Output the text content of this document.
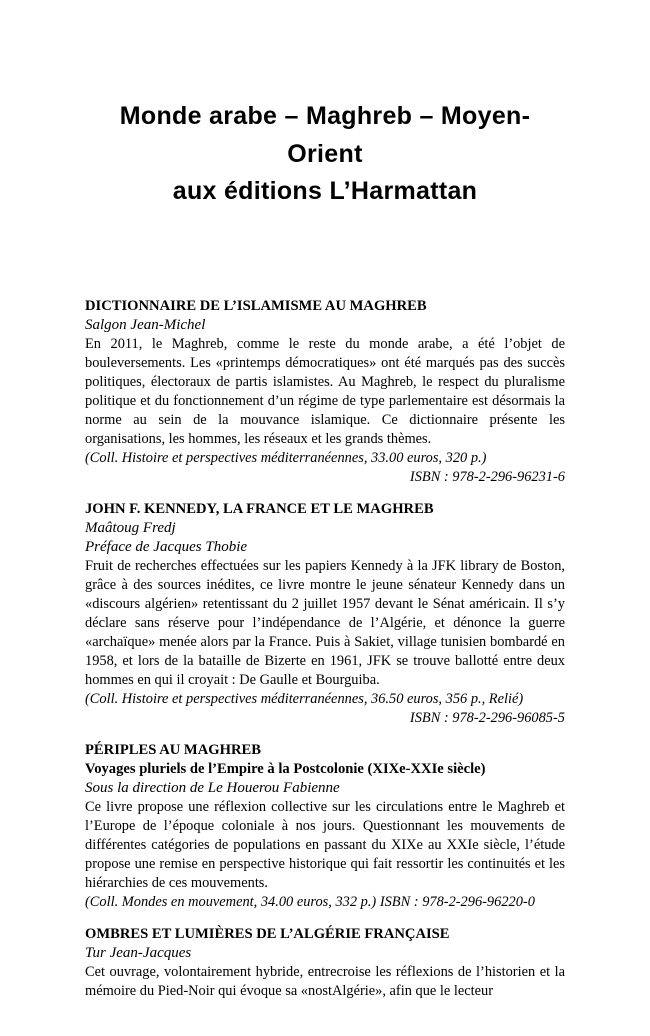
Monde arabe – Maghreb – Moyen-Orient
aux éditions L’Harmattan
DICTIONNAIRE DE L’ISLAMISME AU MAGHREB
Salgon Jean-Michel

En 2011, le Maghreb, comme le reste du monde arabe, a été l’objet de bouleversements. Les «printemps démocratiques» ont été marqués pas des succès politiques, électoraux de partis islamistes. Au Maghreb, le respect du pluralisme politique et du fonctionnement d’un régime de type parlementaire est désormais la norme au sein de la mouvance islamique. Ce dictionnaire présente les organisations, les hommes, les réseaux et les grands thèmes.

(Coll. Histoire et perspectives méditerranéennes, 33.00 euros, 320 p.)
ISBN : 978-2-296-96231-6
JOHN F. KENNEDY, LA FRANCE ET LE MAGHREB
Maâtoug Fredj
Préface de Jacques Thobie

Fruit de recherches effectuées sur les papiers Kennedy à la JFK library de Boston, grâce à des sources inédites, ce livre montre le jeune sénateur Kennedy dans un «discours algérien» retentissant du 2 juillet 1957 devant le Sénat américain. Il s’y déclare sans réserve pour l’indépendance de l’Algérie, et dénonce la guerre «archaïque» menée alors par la France. Puis à Sakiet, village tunisien bombardé en 1958, et lors de la bataille de Bizerte en 1961, JFK se trouve ballotté entre deux hommes en qui il croyait : De Gaulle et Bourguiba.

(Coll. Histoire et perspectives méditerranéennes, 36.50 euros, 356 p., Relié)
ISBN : 978-2-296-96085-5
PÉRIPLES AU MAGHREB
Voyages pluriels de l’Empire à la Postcolonie (XIXe-XXIe siècle)
Sous la direction de Le Houerou Fabienne

Ce livre propose une réflexion collective sur les circulations entre le Maghreb et l’Europe de l’époque coloniale à nos jours. Questionnant les mouvements de différentes catégories de populations en passant du XIXe au XXIe siècle, l’étude propose une remise en perspective historique qui fait ressortir les continuités et les hiérarchies de ces mouvements.

(Coll. Mondes en mouvement, 34.00 euros, 332 p.) ISBN : 978-2-296-96220-0
OMBRES ET LUMIÈRES DE L’ALGÉRIE FRANÇAISE
Tur Jean-Jacques

Cet ouvrage, volontairement hybride, entrecroise les réflexions de l’historien et la mémoire du Pied-Noir qui évoque sa «nostAlgérie», afin que le lecteur
